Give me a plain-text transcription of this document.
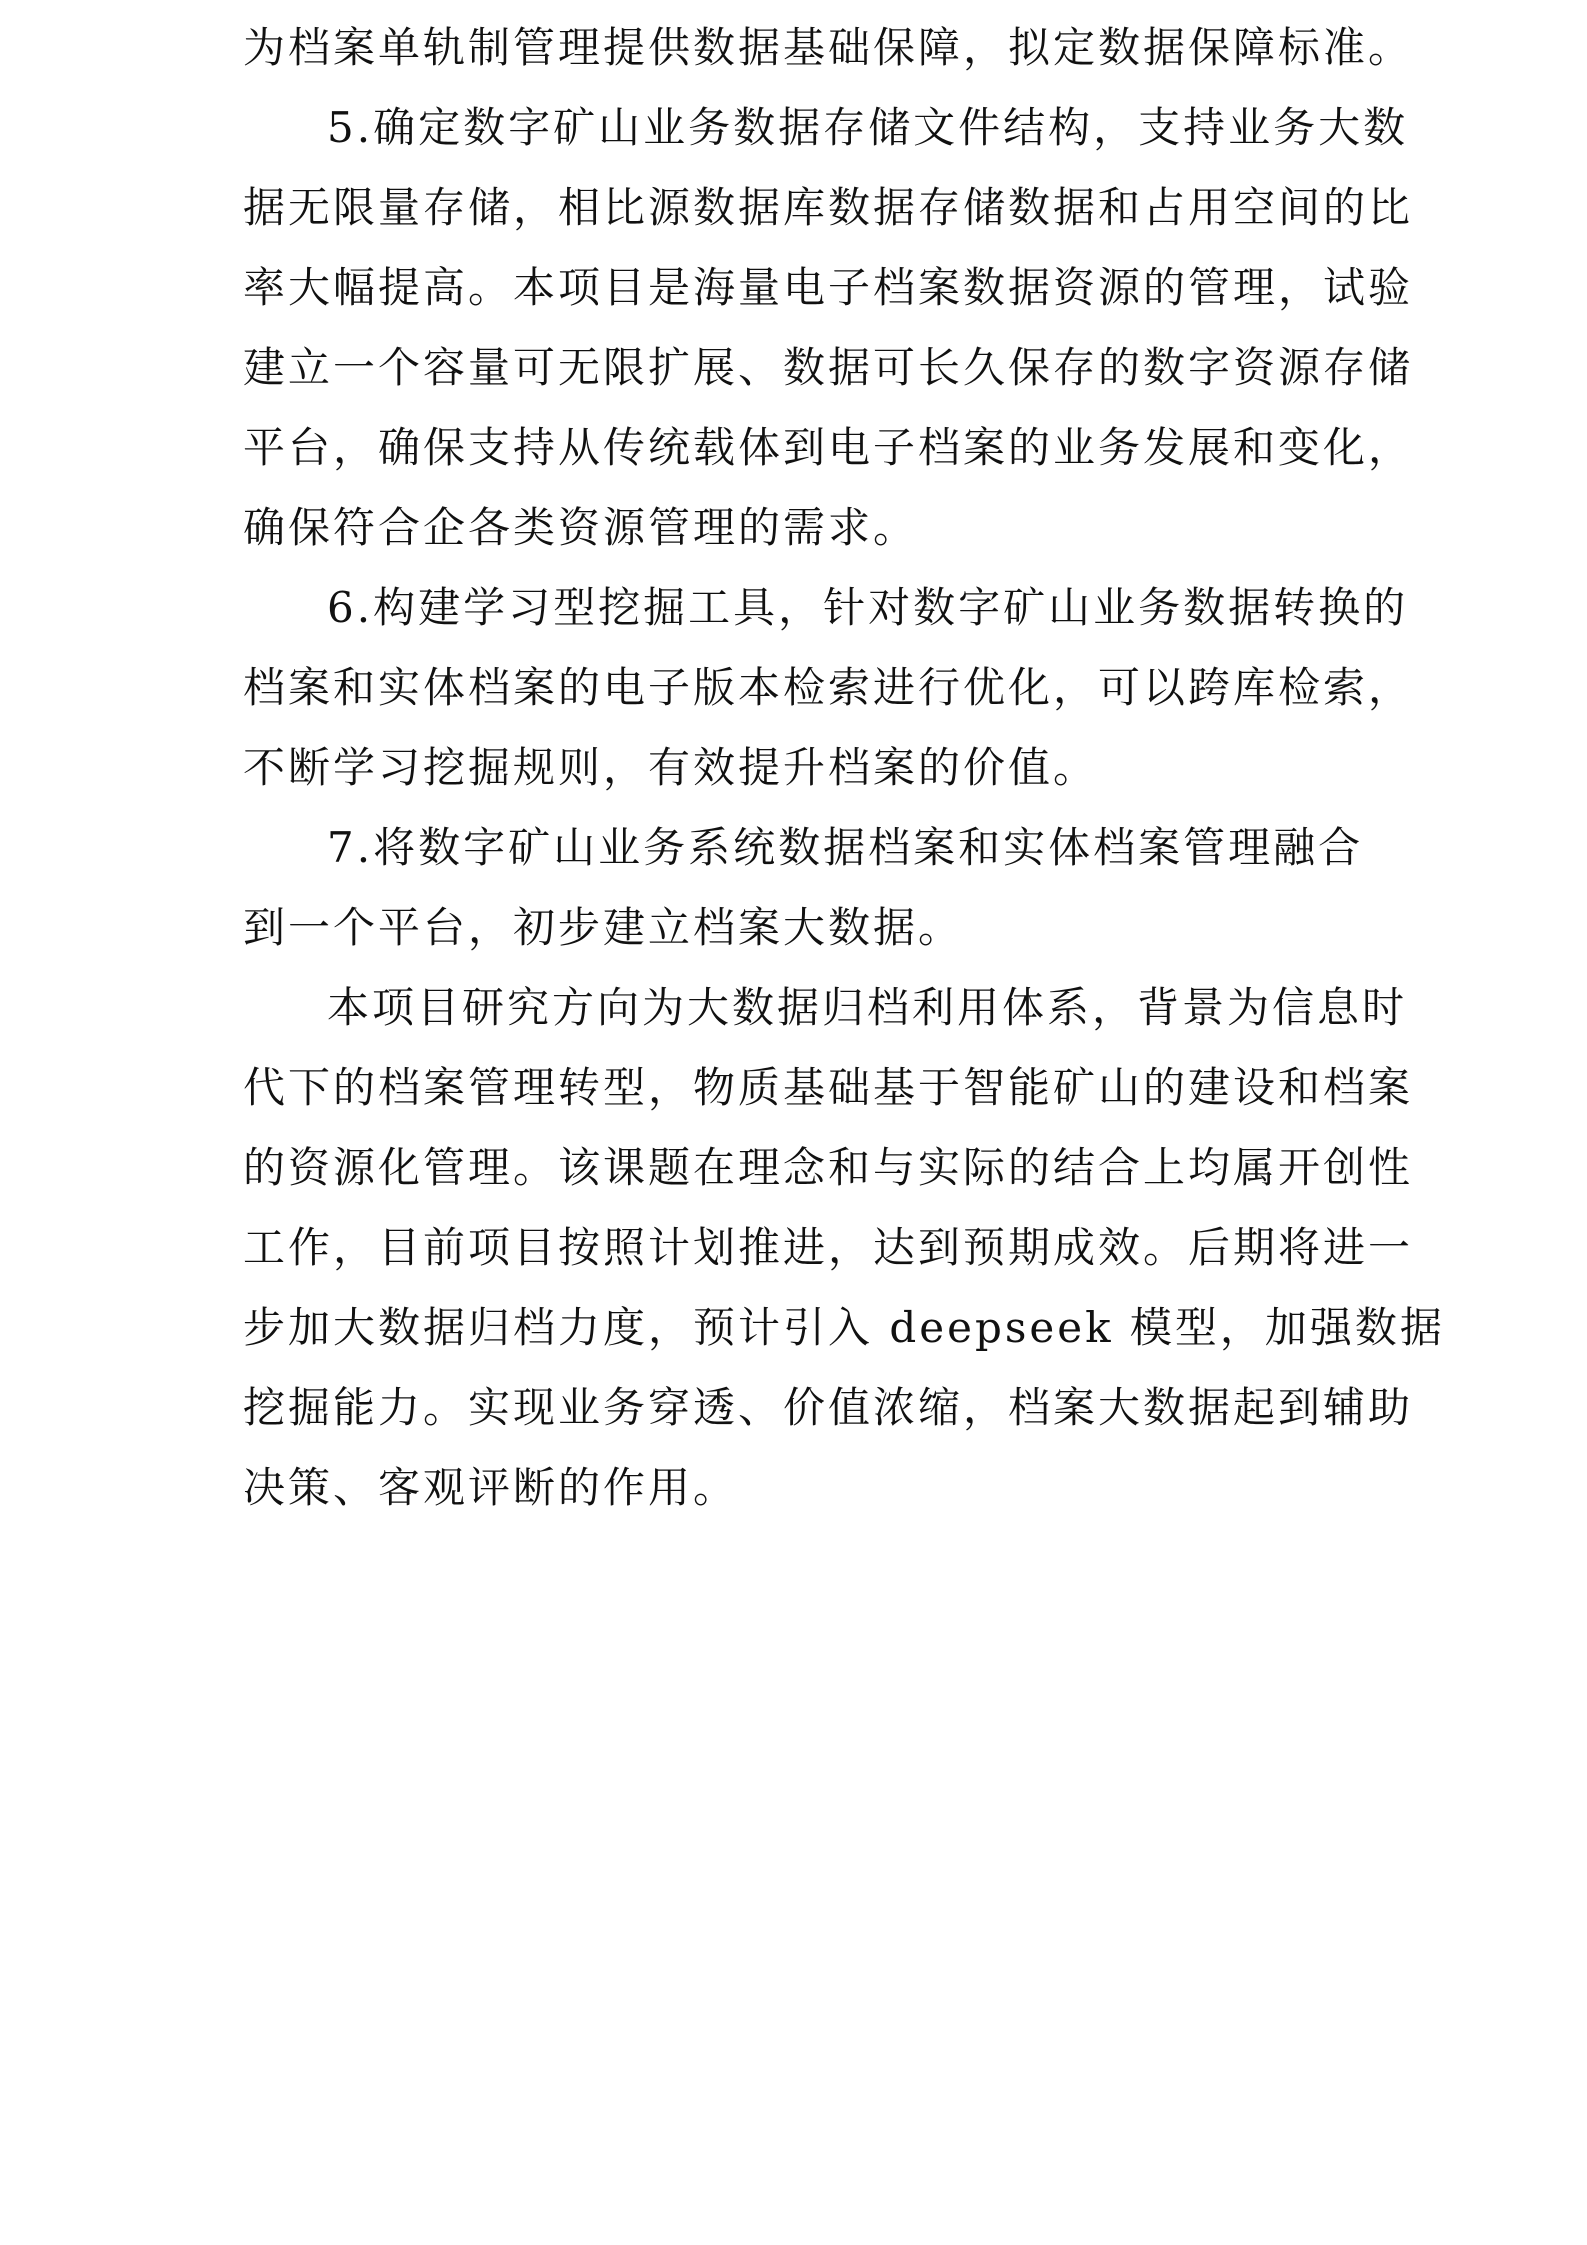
为档案单轨制管理提供数据基础保障，拟定数据保障标准。
5.确定数字矿山业务数据存储文件结构，支持业务大数
据无限量存储，相比源数据库数据存储数据和占用空间的比
率大幅提高。本项目是海量电子档案数据资源的管理，试验
建立一个容量可无限扩展、数据可长久保存的数字资源存储
平台，确保支持从传统载体到电子档案的业务发展和变化，
确保符合企各类资源管理的需求。
6.构建学习型挖掘工具，针对数字矿山业务数据转换的
档案和实体档案的电子版本检索进行优化，可以跨库检索，
不断学习挖掘规则，有效提升档案的价值。
7.将数字矿山业务系统数据档案和实体档案管理融合
到一个平台，初步建立档案大数据。
本项目研究方向为大数据归档利用体系，背景为信息时
代下的档案管理转型，物质基础基于智能矿山的建设和档案
的资源化管理。该课题在理念和与实际的结合上均属开创性
工作，目前项目按照计划推进，达到预期成效。后期将进一
步加大数据归档力度，预计引入 deepseek 模型，加强数据
挖掘能力。实现业务穿透、价值浓缩，档案大数据起到辅助
决策、客观评断的作用。
